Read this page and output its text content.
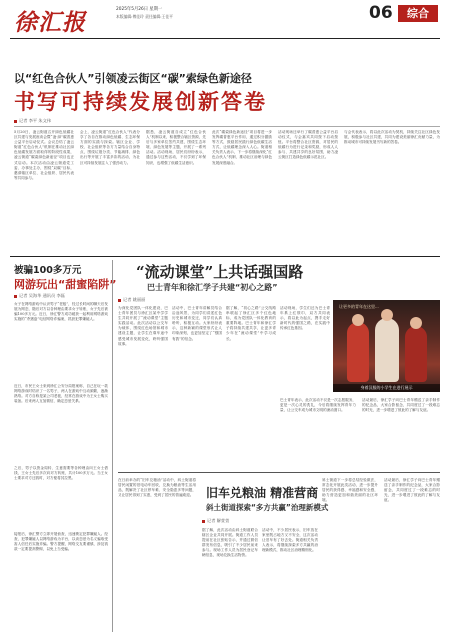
徐汇报	2025年5月26日 星期一
本版编辑:傅佳玲 责任编辑:王佳平	06	综合
以“红色合伙人”引领凌云街区“碳”索绿色新途径
书写可持续发展创新答卷
记者 李平 朱文伟
5月20日，凌云街道召开绿色低碳社区共建与发展座谈会暨“凌·绿”碳普惠公益平台启动仪式。会议总结了凌云街道“红色合伙人”机制在推动社区绿色低碳发展方面取得的阶段性成果，凌云街道“碳索绿色新途径”项目也正式启动。本次活动由凌云街道党工委、办事处主办，围绕“双碳”目标，邀请辖区单位、社会组织、居民代表等共同参与。
会上，凌云街道“红色合伙人”代表分享了各自在推动绿色低碳、生态环保方面的实践与探索。辖区企业、学校、社会组织等各方力量结合自身特点，围绕垃圾分类、节能减排、绿色出行等开展了丰富多彩的活动，为社区可持续发展注入了强劲动力。
据悉，凌云街道自成立“红色合伙人”机制以来，积极整合辖区资源，先后与多家单位签约共建，围绕生态环境、绿色发展等主题，开展了一系列活动。活动现场，居民们纷纷表示，通过参与这些活动，不仅学到了环保知识，也增强了低碳生活意识。
此次“碳索绿色新途径”项目将进一步发挥碳普惠平台作用，通过积分激励等方式，鼓励居民践行绿色低碳生活方式，让低碳理念深入人心。街道相关负责人表示，下一步将继续深化“红色合伙人”机制，推动社区治理与绿色发展深度融合。
活动现场还举行了碳普惠公益平台启动仪式，与会嘉宾共同按下启动按钮。平台将整合社区资源，对居民的低碳行为进行记录和奖励，形成人人参与、共建共享的良好氛围，助力凌云街区打造绿色低碳示范社区。
与会代表表示，将以此次活动为契机，持续关注社区绿色发展，积极参与社区共建，共同为建设美丽徐汇贡献力量，为推动城市可持续发展书写新的答卷。
被骗100多万元
网游玩出“甜蜜陷阱”
记者 吴海华 通讯员 李磊
女子在网络游戏中认识男子“老板”，经过长时间的聊天后发展为网恋，随后对方以各种理由要求女子转账，女子先后被骗100多万元。近日，徐汇警方成功破获一起利用网络游戏实施的“杀猪盘”电信网络诈骗案，抓获犯罪嫌疑人。
近日，市民王女士来到徐汇公安分局报案称，自己在玩一款网络游戏时结识了一名男子，两人在游戏中互动频繁，逐渐熟络。对方自称是某公司老板，经常在游戏中为王女士购买装备。后来两人互加微信，确定恋爱关系。
之后，男子以资金周转、生意需要等各种理由向王女士借钱，王女士先后多次向对方转账，共计100多万元。当王女士要求对方还钱时，对方便将其拉黑。
接报后，徐汇警方立即开展侦查，迅速锁定犯罪嫌疑人。经查，犯罪嫌疑人以网络游戏为平台，以谈恋爱为名义骗取受害人信任后实施诈骗。警方提醒，网络交友要谨慎，涉及钱款一定要提高警惕，以免上当受骗。
“流动课堂”上共话强国路
巴士青年和徐汇学子共建“初心之路”
记者 姚丽丽
为深化党团队一体化建设，巴士青年团员与徐汇区某中学学生共同开展了“流动课堂”主题实践活动。此次活动以公交车为载体，围绕红色场馆和城市建设主题，让学生在乘车途中感受城市发展变化，聆听强国故事。
活动中，巴士青年讲解员结合沿途风景，为同学们讲述红色历史和城市变迁，同学们认真聆听，积极互动。大家纷纷表示，这种新颖的课堂形式让人印象深刻，也更加坚定了“强国有我”的信念。
据了解，“初心之路”公交线路串联起了徐汇区多个红色地标，成为党团队一体化教育的重要阵地。巴士青年和徐汇学子将持续共建共享，让更多青少年在“流动课堂”中学习成长。
活动现场，学生们还为巴士青年系上红领巾，双方共同表示，将以此为起点，携手走好新时代的强国之路，在实践中传承红色基因。
让更多的青年在这里...
身着汉服的小学生在进行展示
巴士青年表示，此次活动不仅是一次志愿服务，更是一次心灵的洗礼，今后将继续发挥青年力量，让公交车成为城市文明的流动窗口。
活动最后，徐汇学子向巴士青年赠送了亲手制作的纪念品，大家合影留念，共同度过了一段难忘的时光，进一步增进了彼此的了解与友谊。
在日前举办的“旧车兑粮油”活动中，斜土街道将居民闲置的旧电动车回收，兑换为粮油等生活用品，既解决了社区停车难、安全隐患多等问题，又让居民得到了实惠，受到了居民的普遍欢迎。 旧车兑粮油 精准营商
斜土街道探索“多方共赢”治理新模式
记者 解萱萱
据了解，此次活动由斜土街道联合辖区企业共同开展。街道工作人员提前在社区张贴告示，并通过微信群发布信息，吸引了不少居民前来参与。现场工作人员为居民登记车辆信息，现场兑换生活物资。
活动中，不少居民表示，旧车放在家里既占地方又不安全，这次活动让旧车有了好去处。街道相关负责人表示，将继续探索多方共赢的治理新模式，推动社区治理精细化。
斜土街道下一步将总结经验做法，常态化开展此类活动，进一步提升居民的获得感、幸福感和安全感，助力营造更加和谐美丽的社区环境。
活动最后，徐汇学子向巴士青年赠送了亲手制作的纪念品，大家合影留念，共同度过了一段难忘的时光，进一步增进了彼此的了解与友谊。
